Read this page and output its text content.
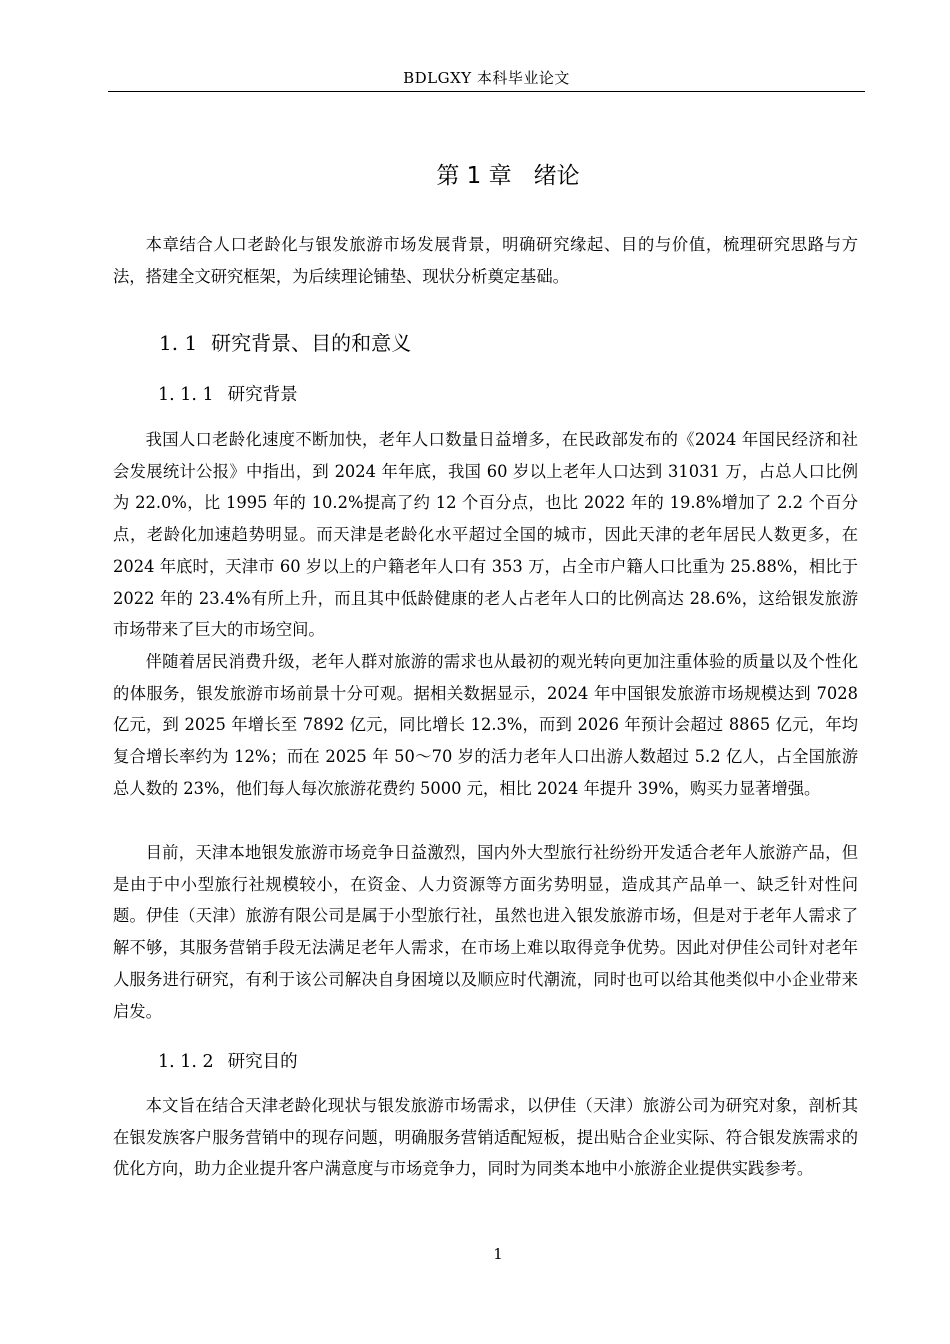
BDLGXY 本科毕业论文
第 1 章 绪论

本章结合人口老龄化与银发旅游市场发展背景，明确研究缘起、目的与价值，梳理研究思路与方法，搭建全文研究框架，为后续理论铺垫、现状分析奠定基础。

1. 1 研究背景、目的和意义
1. 1. 1 研究背景

我国人口老龄化速度不断加快，老年人口数量日益增多，在民政部发布的《2024 年国民经济和社会发展统计公报》中指出，到 2024 年年底，我国 60 岁以上老年人口达到 31031 万，占总人口比例为 22.0%，比 1995 年的 10.2%提高了约 12 个百分点，也比 2022 年的 19.8%增加了 2.2 个百分点，老龄化加速趋势明显。而天津是老龄化水平超过全国的城市，因此天津的老年居民人数更多，在 2024 年底时，天津市 60 岁以上的户籍老年人口有 353 万，占全市户籍人口比重为 25.88%，相比于 2022 年的 23.4%有所上升，而且其中低龄健康的老人占老年人口的比例高达 28.6%，这给银发旅游市场带来了巨大的市场空间。

伴随着居民消费升级，老年人群对旅游的需求也从最初的观光转向更加注重体验的质量以及个性化的体服务，银发旅游市场前景十分可观。据相关数据显示，2024 年中国银发旅游市场规模达到 7028 亿元，到 2025 年增长至 7892 亿元，同比增长 12.3%，而到 2026 年预计会超过 8865 亿元，年均复合增长率约为 12%；而在 2025 年 50～70 岁的活力老年人口出游人数超过 5.2 亿人，占全国旅游总人数的 23%，他们每人每次旅游花费约 5000 元，相比 2024 年提升 39%，购买力显著增强。

目前，天津本地银发旅游市场竞争日益激烈，国内外大型旅行社纷纷开发适合老年人旅游产品，但是由于中小型旅行社规模较小，在资金、人力资源等方面劣势明显，造成其产品单一、缺乏针对性问题。伊佳（天津）旅游有限公司是属于小型旅行社，虽然也进入银发旅游市场，但是对于老年人需求了解不够，其服务营销手段无法满足老年人需求，在市场上难以取得竞争优势。因此对伊佳公司针对老年人服务进行研究，有利于该公司解决自身困境以及顺应时代潮流，同时也可以给其他类似中小企业带来启发。

1. 1. 2 研究目的

本文旨在结合天津老龄化现状与银发旅游市场需求，以伊佳（天津）旅游公司为研究对象，剖析其在银发族客户服务营销中的现存问题，明确服务营销适配短板，提出贴合企业实际、符合银发族需求的优化方向，助力企业提升客户满意度与市场竞争力，同时为同类本地中小旅游企业提供实践参考。

1
